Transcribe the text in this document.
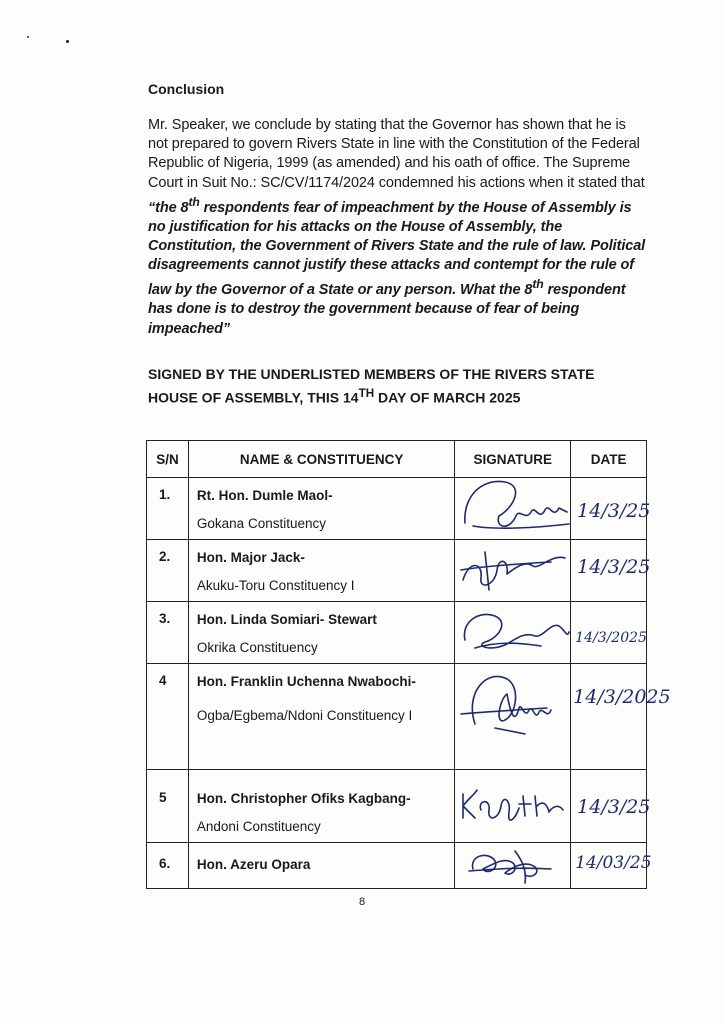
Conclusion

Mr. Speaker, we conclude by stating that the Governor has shown that he is not prepared to govern Rivers State in line with the Constitution of the Federal Republic of Nigeria, 1999 (as amended) and his oath of office. The Supreme Court in Suit No.: SC/CV/1174/2024 condemned his actions when it stated that “the 8th respondents fear of impeachment by the House of Assembly is no justification for his attacks on the House of Assembly, the Constitution, the Government of Rivers State and the rule of law. Political disagreements cannot justify these attacks and contempt for the rule of law by the Governor of a State or any person. What the 8th respondent has done is to destroy the government because of fear of being impeached”

SIGNED BY THE UNDERLISTED MEMBERS OF THE RIVERS STATE HOUSE OF ASSEMBLY, THIS 14TH DAY OF MARCH 2025

S/N	NAME & CONSTITUENCY	SIGNATURE	DATE
1.	Rt. Hon. Dumle Maol-
Gokana Constituency		14/3/25

2.	Hon. Major Jack-
Akuku-Toru Constituency I		14/3/25

3.	Hon. Linda Somiari- Stewart
Okrika Constituency		14/3/2025

4	Hon. Franklin Uchenna Nwabochi-
Ogba/Egbema/Ndoni Constituency I		14/3/2025

5	Hon. Christopher Ofiks Kagbang-
Andoni Constituency		14/3/25

6.	Hon. Azeru Opara		14/03/25

8
